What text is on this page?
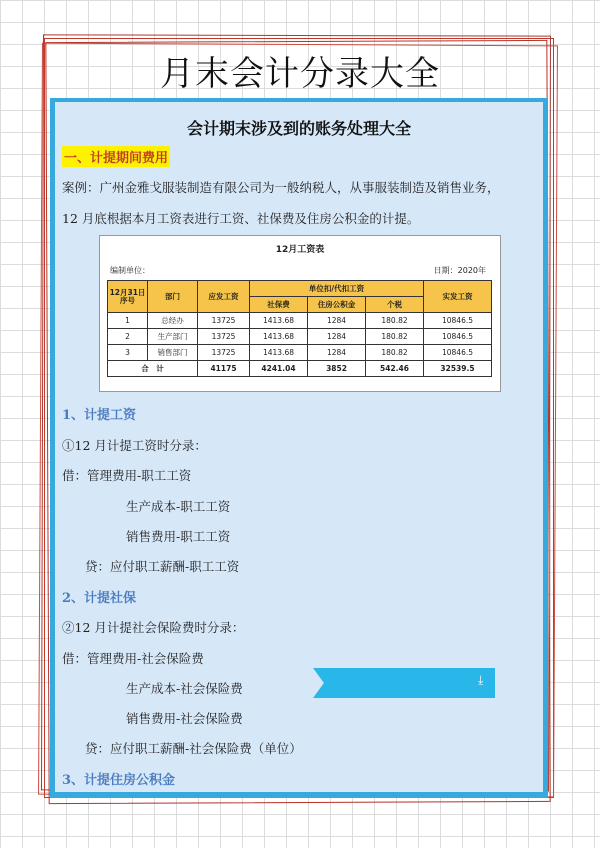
月末会计分录大全
会计期末涉及到的账务处理大全
一、计提期间费用
案例：广州金雅戈服装制造有限公司为一般纳税人，从事服装制造及销售业务，
12 月底根据本月工资表进行工资、社保费及住房公积金的计提。
12月工资表
编制单位：	日期：2020年
12月31日序号	部门	应发工资	单位扣/代扣工资			实发工资
			社保费	住房公积金	个税	
1	总经办	13725	1413.68	1284	180.82	10846.5
2	生产部门	13725	1413.68	1284	180.82	10846.5
3	销售部门	13725	1413.68	1284	180.82	10846.5
合　计		41175	4241.04	3852	542.46	32539.5
1、计提工资
①12 月计提工资时分录：
借：管理费用-职工工资
生产成本-职工工资
销售费用-职工工资
贷：应付职工薪酬-职工工资
2、计提社保
②12 月计提社会保险费时分录：
借：管理费用-社会保险费
生产成本-社会保险费
销售费用-社会保险费
贷：应付职工薪酬-社会保险费（单位）
3、计提住房公积金
⤓
